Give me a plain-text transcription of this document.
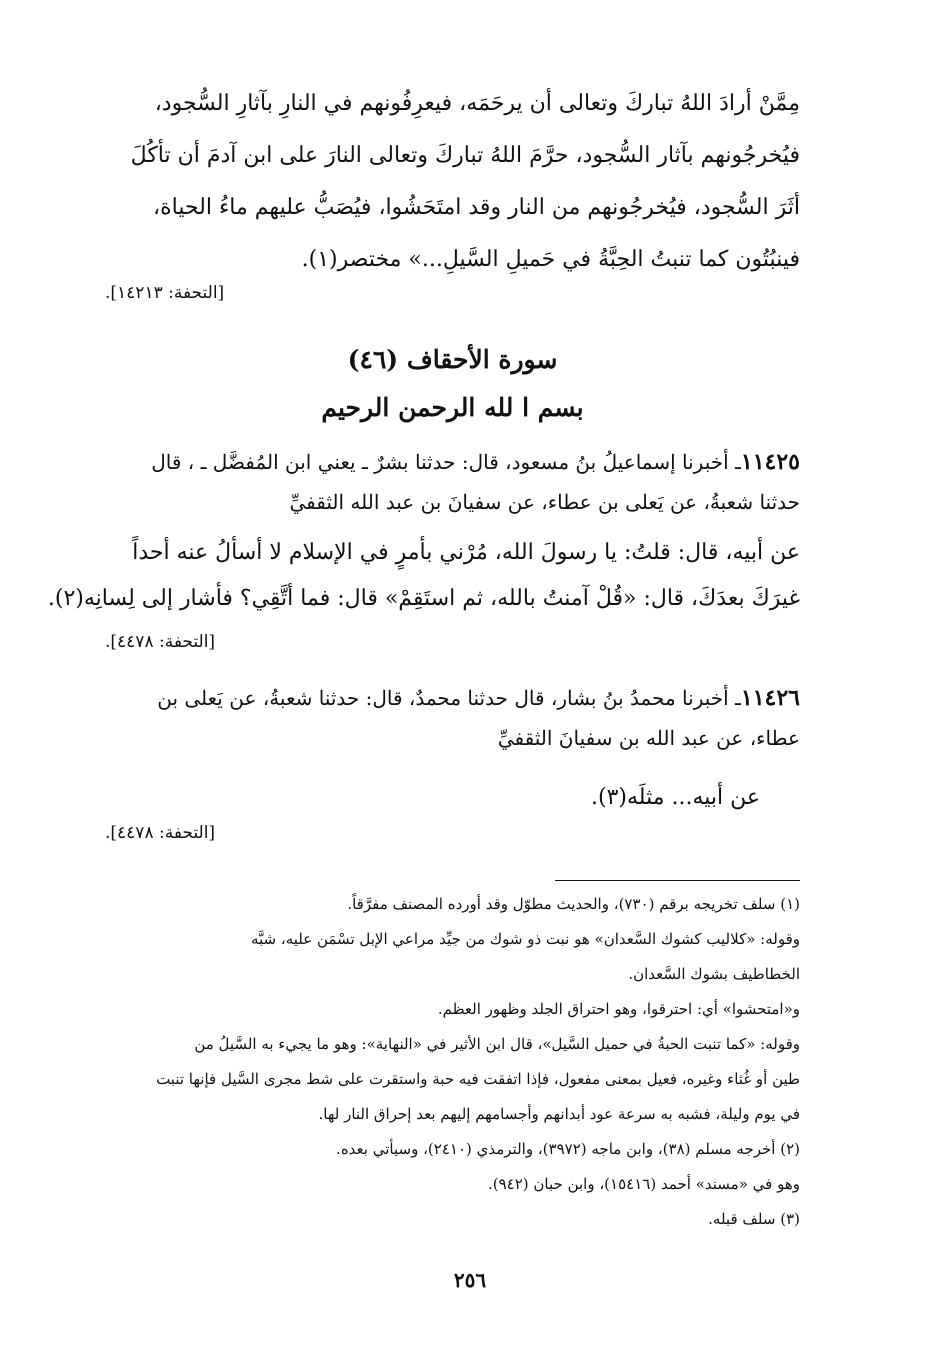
مِمَّنْ أرادَ اللهُ تباركَ وتعالى أن يرحَمَه، فيعرِفُونهم في النارِ بآثارِ السُّجود،
فيُخرجُونهم بآثار السُّجود، حرَّمَ اللهُ تباركَ وتعالى النارَ على ابن آدمَ أن تأكُلَ
أثَرَ السُّجود، فيُخرجُونهم من النار وقد امتَحَشُوا، فيُصَبُّ عليهم ماءُ الحياة،
فينبُتُون كما تنبتُ الحِبَّةُ في حَميلِ السَّيلِ...» مختصر(١).
[التحفة: ١٤٢١٣].
سورة الأحقاف (٤٦)
بسم ا لله الرحمن الرحيم
١١٤٢٥ـ أخبرنا إسماعيلُ بنُ مسعود، قال: حدثنا بشرٌ ـ يعني ابن المُفضَّل ـ ، قال
حدثنا شعبةُ، عن يَعلى بن عطاء، عن سفيانَ بن عبد الله الثقفيِّ
عن أبيه، قال: قلتُ: يا رسولَ الله، مُرْني بأمرٍ في الإسلام لا أسألُ عنه أحداً
غيرَكَ بعدَكَ، قال: «قُلْ آمنتُ بالله، ثم استَقِمْ» قال: فما أتَّقِي؟ فأشار إلى لِسانِه(٢).
[التحفة: ٤٤٧٨].
١١٤٢٦ـ أخبرنا محمدُ بنُ بشار، قال حدثنا محمدٌ، قال: حدثنا شعبةُ، عن يَعلى بن
عطاء، عن عبد الله بن سفيانَ الثقفيِّ
عن أبيه... مثلَه(٣).
[التحفة: ٤٤٧٨].
(١) سلف تخريجه برقم (٧٣٠)، والحديث مطوّل وقد أورده المصنف مفرَّقاً.
وقوله: «كلاليب كشوك السَّعدان» هو نبت ذو شوك من جيِّد مراعي الإبل تسْمَن عليه، شبَّه
الخطاطيف بشوك السَّعدان.
و«امتحشوا» أي: احترقوا، وهو احتراق الجلد وظهور العظم.
وقوله: «كما تنبت الحبةُ في حميل السَّيل»، قال ابن الأثير في «النهاية»: وهو ما يجيء به السَّيلُ من
طين أو غُثاء وغيره، فعيل بمعنى مفعول، فإذا اتفقت فيه حبة واستقرت على شط مجرى السَّيل فإنها تنبت
في يوم وليلة، فشبه به سرعة عود أبدانهم وأجسامهم إليهم بعد إحراق النار لها.
(٢) أخرجه مسلم (٣٨)، وابن ماجه (٣٩٧٢)، والترمذي (٢٤١٠)، وسيأتي بعده.
وهو في «مسند» أحمد (١٥٤١٦)، وابن حبان (٩٤٢).
(٣) سلف قبله.
٢٥٦
